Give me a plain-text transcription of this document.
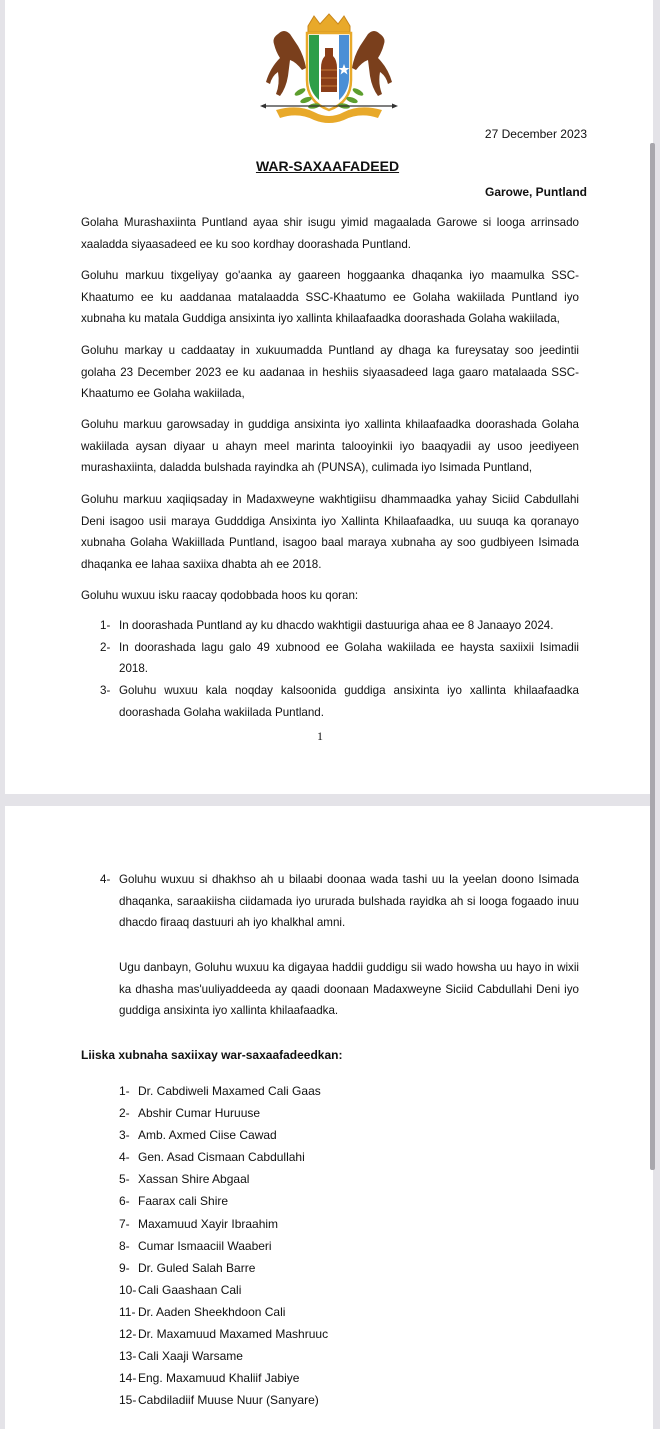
27 December 2023
WAR-SAXAAFADEED
Garowe, Puntland
Golaha Murashaxiinta Puntland ayaa shir isugu yimid magaalada Garowe si looga arrinsado xaaladda siyaasadeed ee ku soo kordhay doorashada Puntland.
Goluhu markuu tixgeliyay go'aanka ay gaareen hoggaanka dhaqanka iyo maamulka SSC-Khaatumo ee ku aaddanaa matalaadda SSC-Khaatumo ee Golaha wakiilada Puntland iyo xubnaha ku matala Guddiga ansixinta iyo xallinta khilaafaadka doorashada Golaha wakiilada,
Goluhu markay u caddaatay in xukuumadda Puntland ay dhaga ka fureysatay soo jeedintii golaha 23 December 2023 ee ku aadanaa in heshiis siyaasadeed laga gaaro matalaada SSC-Khaatumo ee Golaha wakiilada,
Goluhu markuu garowsaday in guddiga ansixinta iyo xallinta khilaafaadka doorashada Golaha wakiilada aysan diyaar u ahayn meel marinta talooyinkii iyo baaqyadii ay usoo jeediyeen murashaxiinta, daladda bulshada rayindka ah (PUNSA), culimada iyo Isimada Puntland,
Goluhu markuu xaqiiqsaday in Madaxweyne wakhtigiisu dhammaadka yahay Siciid Cabdullahi Deni isagoo usii maraya Gudddiga Ansixinta iyo Xallinta Khilaafaadka, uu suuqa ka qoranayo xubnaha Golaha Wakiillada Puntland, isagoo baal maraya xubnaha ay soo gudbiyeen Isimada dhaqanka ee lahaa saxiixa dhabta ah ee 2018.
Goluhu wuxuu isku raacay qodobbada hoos ku qoran:
1- In doorashada Puntland ay ku dhacdo wakhtigii dastuuriga ahaa ee 8 Janaayo 2024.
2- In doorashada lagu galo 49 xubnood ee Golaha wakiilada ee haysta saxiixii Isimadii 2018.
3- Goluhu wuxuu kala noqday kalsoonida guddiga ansixinta iyo xallinta khilaafaadka doorashada Golaha wakiilada Puntland.
1
4- Goluhu wuxuu si dhakhso ah u bilaabi doonaa wada tashi uu la yeelan doono Isimada dhaqanka, saraakiisha ciidamada iyo ururada bulshada rayidka ah si looga fogaado inuu dhacdo firaaq dastuuri ah iyo khalkhal amni.
Ugu danbayn, Goluhu wuxuu ka digayaa haddii guddigu sii wado howsha uu hayo in wixii ka dhasha mas'uuliyaddeeda ay qaadi doonaan Madaxweyne Siciid Cabdullahi Deni iyo guddiga ansixinta iyo xallinta khilaafaadka.
Liiska xubnaha saxiixay war-saxaafadeedkan:
1- Dr. Cabdiweli Maxamed Cali Gaas
2- Abshir Cumar Huruuse
3- Amb. Axmed Ciise Cawad
4- Gen. Asad Cismaan Cabdullahi
5- Xassan Shire Abgaal
6- Faarax cali Shire
7- Maxamuud Xayir Ibraahim
8- Cumar Ismaaciil Waaberi
9- Dr. Guled Salah Barre
10- Cali Gaashaan Cali
11- Dr. Aaden Sheekhdoon Cali
12- Dr. Maxamuud Maxamed Mashruuc
13- Cali Xaaji Warsame
14- Eng. Maxamuud Khaliif Jabiye
15- Cabdiladiif Muuse Nuur (Sanyare)
